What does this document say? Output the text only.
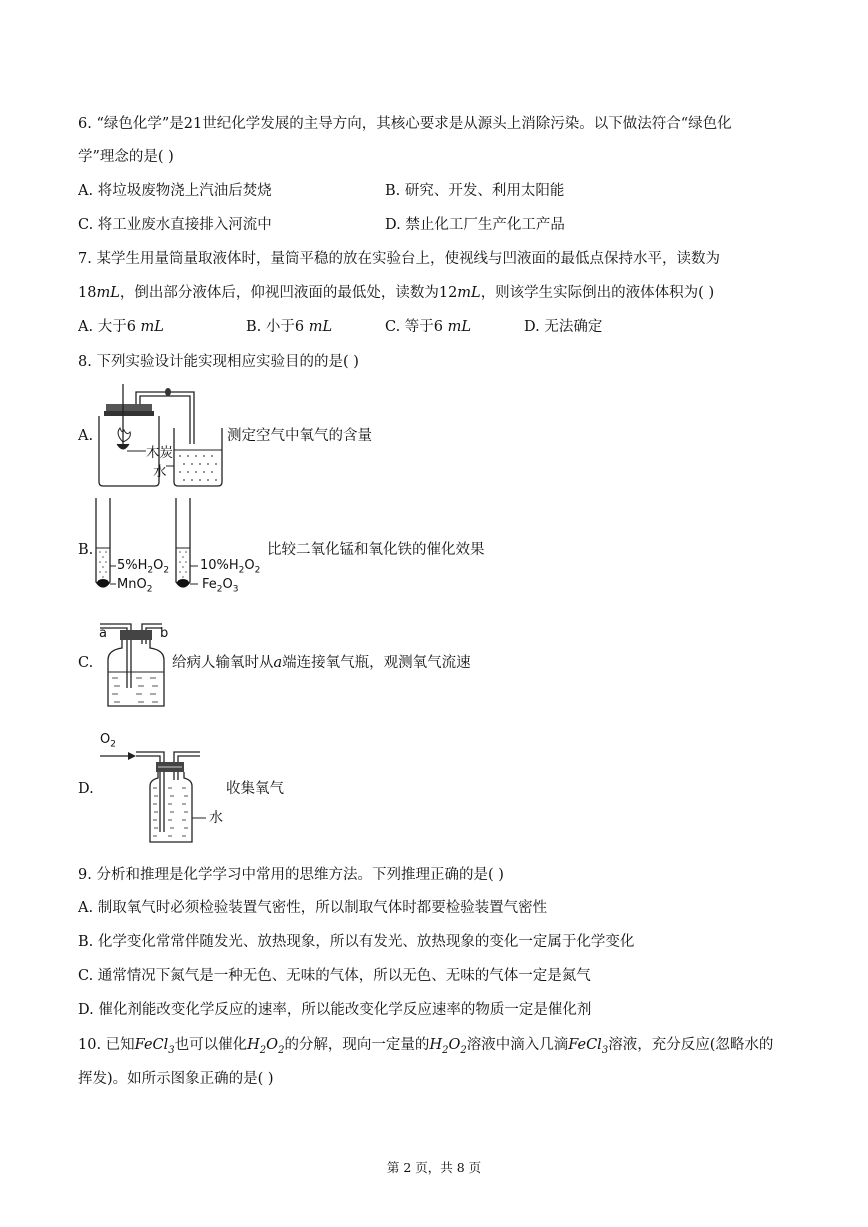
6. “绿色化学”是21世纪化学发展的主导方向，其核心要求是从源头上消除污染。以下做法符合“绿色化
学”理念的是( )
A. 将垃圾废物浇上汽油后焚烧	B. 研究、开发、利用太阳能
C. 将工业废水直接排入河流中	D. 禁止化工厂生产化工产品
7. 某学生用量筒量取液体时，量筒平稳的放在实验台上，使视线与凹液面的最低点保持水平，读数为
18mL，倒出部分液体后，仰视凹液面的最低处，读数为12mL，则该学生实际倒出的液体体积为( )
A. 大于6 mL	B. 小于6 mL	C. 等于6 mL	D. 无法确定
8. 下列实验设计能实现相应实验目的的是( )
A.
木炭
水
测定空气中氧气的含量
B.
$5\%H_2O_2$
MnO$_2$
$10\%H_2O_2$
$Fe_2O_3$
比较二氧化锰和氧化铁的催化效果
C.
a	b
给病人输氧时从a端连接氧气瓶，观测氧气流速
D.
$O_2$
水
收集氧气
9. 分析和推理是化学学习中常用的思维方法。下列推理正确的是( )
A. 制取氧气时必须检验装置气密性，所以制取气体时都要检验装置气密性
B. 化学变化常常伴随发光、放热现象，所以有发光、放热现象的变化一定属于化学变化
C. 通常情况下氮气是一种无色、无味的气体，所以无色、无味的气体一定是氮气
D. 催化剂能改变化学反应的速率，所以能改变化学反应速率的物质一定是催化剂
10. 已知FeCl$_3$也可以催化$H_2O_2$的分解，现向一定量的$H_2O_2$溶液中滴入几滴FeCl$_3$溶液，充分反应(忽略水的
挥发)。如所示图象正确的是( )
第 2 页，共 8 页
